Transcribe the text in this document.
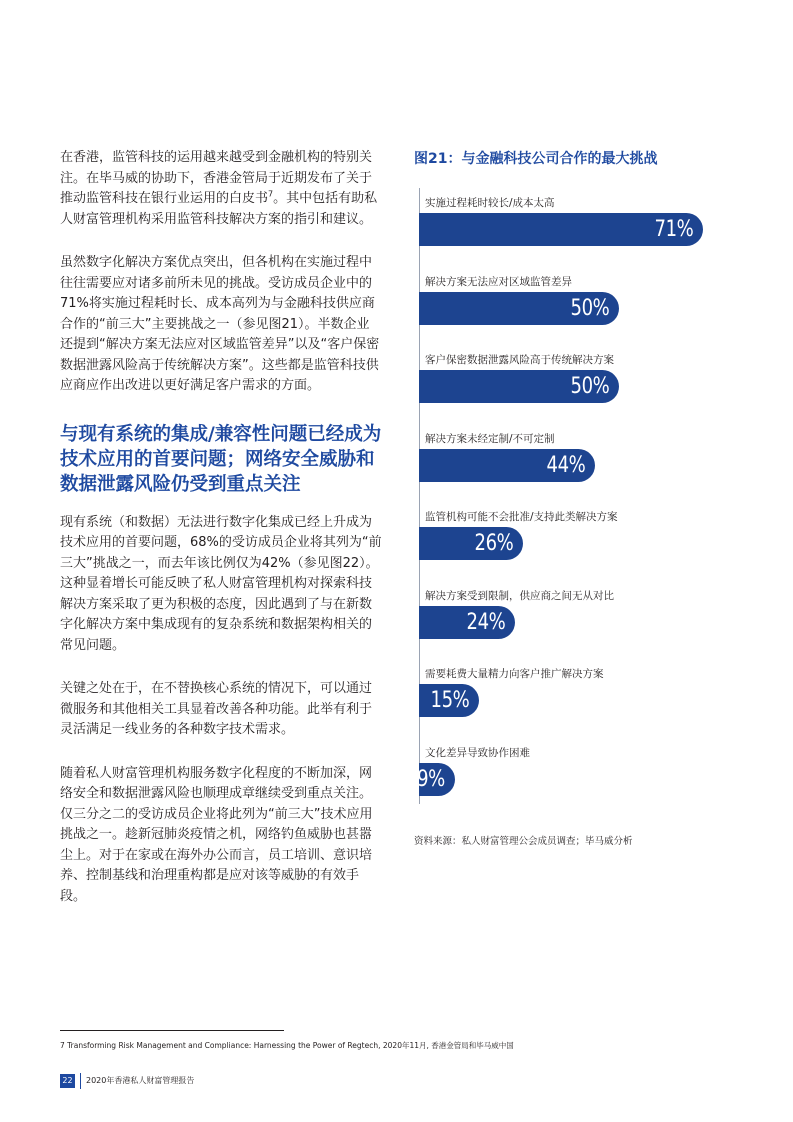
在香港，监管科技的运用越来越受到金融机构的特别关注。在毕马威的协助下，香港金管局于近期发布了关于推动监管科技在银行业运用的白皮书$^7$。其中包括有助私人财富管理机构采用监管科技解决方案的指引和建议。

虽然数字化解决方案优点突出，但各机构在实施过程中往往需要应对诸多前所未见的挑战。受访成员企业中的71%将实施过程耗时长、成本高列为与金融科技供应商合作的“前三大”主要挑战之一（参见图21）。半数企业还提到“解决方案无法应对区域监管差异”以及“客户保密数据泄露风险高于传统解决方案”。这些都是监管科技供应商应作出改进以更好满足客户需求的方面。

与现有系统的集成/兼容性问题已经成为技术应用的首要问题；网络安全威胁和数据泄露风险仍受到重点关注

现有系统（和数据）无法进行数字化集成已经上升成为技术应用的首要问题，68%的受访成员企业将其列为“前三大”挑战之一，而去年该比例仅为42%（参见图22）。这种显着增长可能反映了私人财富管理机构对探索科技解决方案采取了更为积极的态度，因此遇到了与在新数字化解决方案中集成现有的复杂系统和数据架构相关的常见问题。

关键之处在于，在不替换核心系统的情况下，可以通过微服务和其他相关工具显着改善各种功能。此举有利于灵活满足一线业务的各种数字技术需求。

随着私人财富管理机构服务数字化程度的不断加深，网络安全和数据泄露风险也顺理成章继续受到重点关注。仅三分之二的受访成员企业将此列为“前三大”技术应用挑战之一。趁新冠肺炎疫情之机，网络钓鱼威胁也甚嚣尘上。对于在家或在海外办公而言，员工培训、意识培养、控制基线和治理重构都是应对该等威胁的有效手段。

图21：与金融科技公司合作的最大挑战
实施过程耗时较长/成本太高
71%
解决方案无法应对区域监管差异
50%
客户保密数据泄露风险高于传统解决方案
50%
解决方案未经定制/不可定制
44%
监管机构可能不会批准/支持此类解决方案
26%
解决方案受到限制，供应商之间无从对比
24%
需要耗费大量精力向客户推广解决方案
15%
文化差异导致协作困难
9%

资料来源：私人财富管理公会成员调查；毕马威分析

7 Transforming Risk Management and Compliance: Harnessing the Power of Regtech, 2020年11月, 香港金管局和毕马威中国

22	2020年香港私人财富管理报告
